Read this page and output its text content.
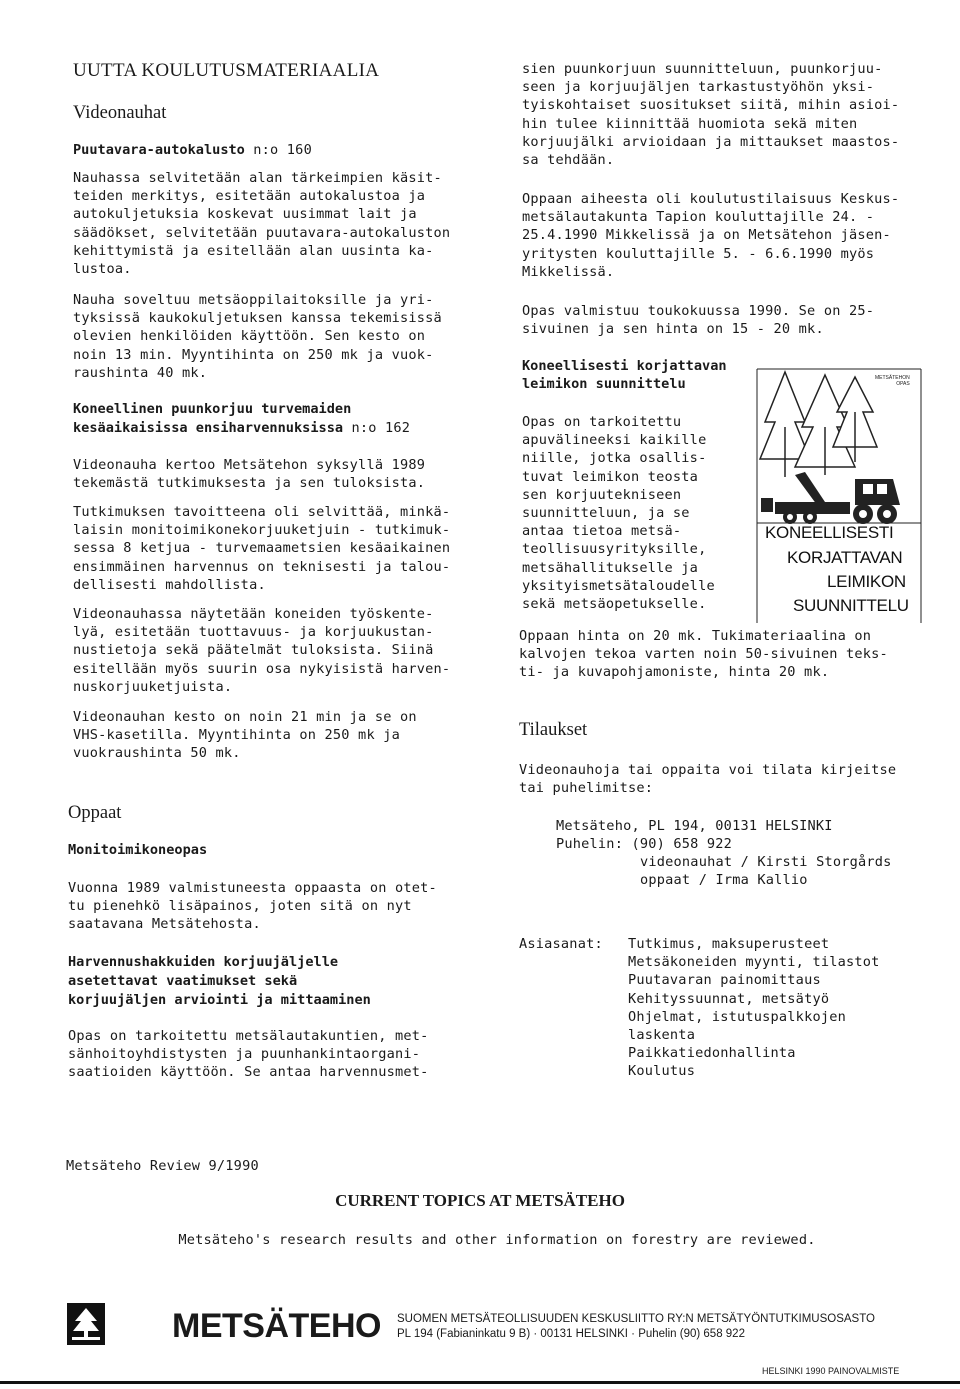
UUTTA KOULUTUSMATERIAALIA
Videonauhat
Puutavara-autokalusto n:o 160

Nauhassa selvitetään alan tärkeimpien käsit-
teiden merkitys, esitetään autokalustoa ja
autokuljetuksia koskevat uusimmat lait ja
säädökset, selvitetään puutavara-autokaluston
kehittymistä ja esitellään alan uusinta ka-
lustoa.

Nauha soveltuu metsäoppilaitoksille ja yri-
tyksissä kaukokuljetuksen kanssa tekemisissä
olevien henkilöiden käyttöön. Sen kesto on
noin 13 min. Myyntihinta on 250 mk ja vuok-
raushinta 40 mk.

Koneellinen puunkorjuu turvemaiden
kesäaikaisissa ensiharvennuksissa n:o 162

Videonauha kertoo Metsätehon syksyllä 1989
tekemästä tutkimuksesta ja sen tuloksista.

Tutkimuksen tavoitteena oli selvittää, minkä-
laisin monitoimikonekorjuuketjuin - tutkimuk-
sessa 8 ketjua - turvemaametsien kesäaikainen
ensimmäinen harvennus on teknisesti ja talou-
dellisesti mahdollista.

Videonauhassa näytetään koneiden työskente-
lyä, esitetään tuottavuus- ja korjuukustan-
nustietoja sekä päätelmät tuloksista. Siinä
esitellään myös suurin osa nykyisistä harven-
nuskorjuuketjuista.

Videonauhan kesto on noin 21 min ja se on
VHS-kasetilla. Myyntihinta on 250 mk ja
vuokraushinta 50 mk.

Oppaat
Monitoimikoneopas

Vuonna 1989 valmistuneesta oppaasta on otet-
tu pienehkö lisäpainos, joten sitä on nyt
saatavana Metsätehosta.

Harvennushakkuiden korjuujäljelle
asetettavat vaatimukset sekä
korjuujäljen arviointi ja mittaaminen

Opas on tarkoitettu metsälautakuntien, met-
sänhoitoyhdistysten ja puunhankintaorgani-
saatioiden käyttöön. Se antaa harvennusmet-

sien puunkorjuun suunnitteluun, puunkorjuu-
seen ja korjuujäljen tarkastustyöhön yksi-
tyiskohtaiset suositukset siitä, mihin asioi-
hin tulee kiinnittää huomiota sekä miten
korjuujälki arvioidaan ja mittaukset maastos-
sa tehdään.

Oppaan aiheesta oli koulutustilaisuus Keskus-
metsälautakunta Tapion kouluttajille 24. -
25.4.1990 Mikkelissä ja on Metsätehon jäsen-
yritysten kouluttajille 5. - 6.6.1990 myös
Mikkelissä.

Opas valmistuu toukokuussa 1990. Se on 25-
sivuinen ja sen hinta on 15 - 20 mk.

Koneellisesti korjattavan
leimikon suunnittelu

Opas on tarkoitettu
apuvälineeksi kaikille
niille, jotka osallis-
tuvat leimikon teosta
sen korjuutekniseen
suunnitteluun, ja se
antaa tietoa metsä-
teollisuusyrityksille,
metsähallitukselle ja
yksityismetsätaloudelle
sekä metsäopetukselle.

METSÄTEHON
OPAS
KONEELLISESTI
KORJATTAVAN
LEIMIKON
SUUNNITTELU

Oppaan hinta on 20 mk. Tukimateriaalina on
kalvojen tekoa varten noin 50-sivuinen teks-
ti- ja kuvapohjamoniste, hinta 20 mk.

Tilaukset

Videonauhoja tai oppaita voi tilata kirjeitse
tai puhelimitse:

Metsäteho, PL 194, 00131 HELSINKI
Puhelin: (90) 658 922
videonauhat / Kirsti Storgårds
oppaat / Irma Kallio
Asiasanat: Tutkimus, maksuperusteet
Metsäkoneiden myynti, tilastot
Puutavaran painomittaus
Kehityssuunnat, metsätyö
Ohjelmat, istutuspalkkojen
laskenta
Paikkatiedonhallinta
Koulutus
Metsäteho Review 9/1990
CURRENT TOPICS AT METSÄTEHO
Metsäteho's research results and other information on forestry are reviewed.
METSÄTEHO SUOMEN METSÄTEOLLISUUDEN KESKUSLIITTO RY:N METSÄTYÖNTUTKIMUSOSASTO
PL 194 (Fabianinkatu 9 B) · 00131 HELSINKI · Puhelin (90) 658 922
HELSINKI 1990 PAINOVALMISTE
